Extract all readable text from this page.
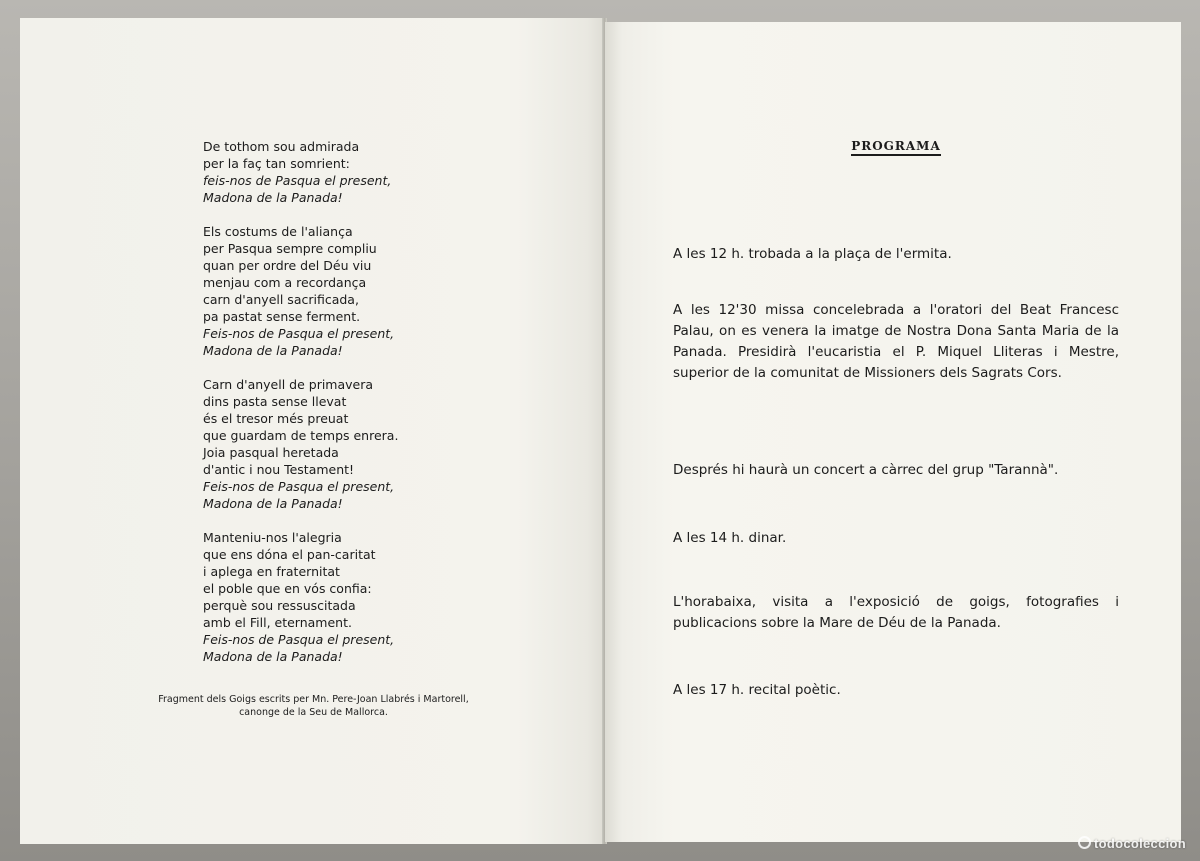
De tothom sou admirada
per la faç tan somrient:
feis-nos de Pasqua el present,
Madona de la Panada!
Els costums de l'aliança
per Pasqua sempre compliu
quan per ordre del Déu viu
menjau com a recordança
carn d'anyell sacrificada,
pa pastat sense ferment.
Feis-nos de Pasqua el present,
Madona de la Panada!
Carn d'anyell de primavera
dins pasta sense llevat
és el tresor més preuat
que guardam de temps enrera.
Joia pasqual heretada
d'antic i nou Testament!
Feis-nos de Pasqua el present,
Madona de la Panada!
Manteniu-nos l'alegria
que ens dóna el pan-caritat
i aplega en fraternitat
el poble que en vós confia:
perquè sou ressuscitada
amb el Fill, eternament.
Feis-nos de Pasqua el present,
Madona de la Panada!
Fragment dels Goigs escrits per Mn. Pere-Joan Llabrés i Martorell,
canonge de la Seu de Mallorca.
PROGRAMA
A les 12 h. trobada a la plaça de l'ermita.
A les 12'30 missa concelebrada a l'oratori del Beat Francesc Palau, on es venera la imatge de Nostra Dona Santa Maria de la Panada. Presidirà l'eucaristia el P. Miquel Lliteras i Mestre, superior de la comunitat de Missioners dels Sagrats Cors.
Després hi haurà un concert a càrrec del grup "Tarannà".
A les 14 h. dinar.
L'horabaixa, visita a l'exposició de goigs, fotografies i publicacions sobre la Mare de Déu de la Panada.
A les 17 h. recital poètic.
todocoleccion
